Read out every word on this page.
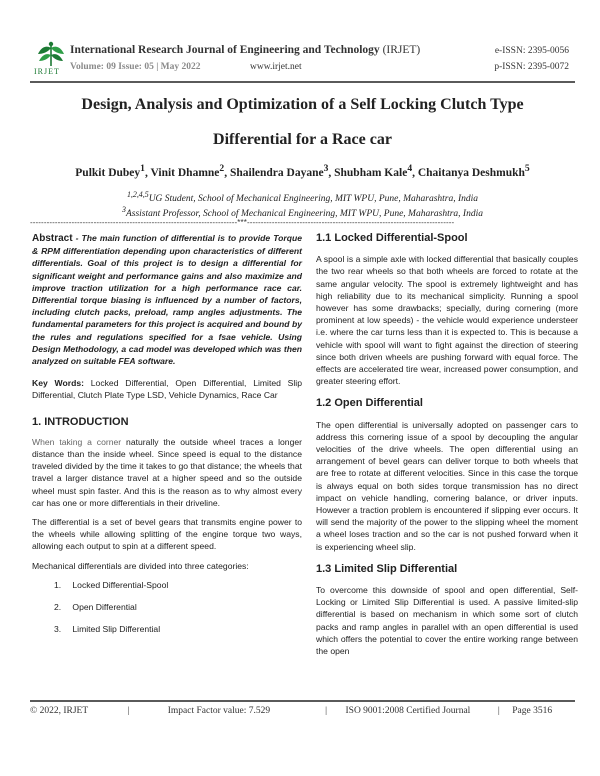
IRJET
International Research Journal of Engineering and Technology (IRJET)
Volume: 09 Issue: 05 | May 2022	www.irjet.net
e-ISSN: 2395-0056
p-ISSN: 2395-0072
Design, Analysis and Optimization of a Self Locking Clutch Type
Differential for a Race car
Pulkit Dubey$^1$, Vinit Dhamne$^2$, Shailendra Dayane$^3$, Shubham Kale$^4$, Chaitanya Deshmukh$^5$
$^{1,2,4,5}$UG Student, School of Mechanical Engineering, MIT WPU, Pune, Maharashtra, India
$^3$Assistant Professor, School of Mechanical Engineering, MIT WPU, Pune, Maharashtra, India
---------------------------------------------------------------------------***---------------------------------------------------------------------------

Abstract - The main function of differential is to provide Torque & RPM differentiation depending upon characteristics of different differentials. Goal of this project is to design a differential for significant weight and performance gains and also maximize and improve traction utilization for a high performance race car. Differential torque biasing is influenced by a number of factors, including clutch packs, preload, ramp angles adjustments. The fundamental parameters for this project is acquired and bound by the rules and regulations specified for a fsae vehicle. Using Design Methodology, a cad model was developed which was then analyzed on suitable FEA software.

Key Words: Locked Differential, Open Differential, Limited Slip Differential, Clutch Plate Type LSD, Vehicle Dynamics, Race Car

1. INTRODUCTION

When taking a corner naturally the outside wheel traces a longer distance than the inside wheel. Since speed is equal to the distance traveled divided by the time it takes to go that distance; the wheels that travel a larger distance travel at a higher speed and so the outside wheel must spin faster. And this is the reason as to why almost every car has one or more differentials in their driveline.

The differential is a set of bevel gears that transmits engine power to the wheels while allowing splitting of the engine torque two ways, allowing each output to spin at a different speed.

Mechanical differentials are divided into three categories:

1. Locked Differential-Spool
2. Open Differential
3. Limited Slip Differential
1.1 Locked Differential-Spool

A spool is a simple axle with locked differential that basically couples the two rear wheels so that both wheels are forced to rotate at the same angular velocity. The spool is extremely lightweight and has high reliability due to its mechanical simplicity. Running a spool however has some drawbacks; specially, during cornering (more prominent at low speeds) - the vehicle would experience understeer i.e. where the car turns less than it is expected to. This is because a vehicle with spool will want to fight against the direction of steering since both driven wheels are pushing forward with equal force. The effects are accelerated tire wear, increased power consumption, and greater steering effort.

1.2 Open Differential

The open differential is universally adopted on passenger cars to address this cornering issue of a spool by decoupling the angular velocities of the drive wheels. The open differential using an arrangement of bevel gears can deliver torque to both wheels that are free to rotate at different velocities. Since in this case the torque is always equal on both sides torque transmission has no direct impact on vehicle handling, cornering balance, or driver inputs. However a traction problem is encountered if slipping ever occurs. It will send the majority of the power to the slipping wheel the moment a wheel loses traction and so the car is not pushed forward when it is experiencing wheel slip.

1.3 Limited Slip Differential

To overcome this downside of spool and open differential, Self-Locking or Limited Slip Differential is used. A passive limited-slip differential is based on mechanism in which some sort of clutch packs and ramp angles in parallel with an open differential is used which offers the potential to cover the entire working range between the open

© 2022, IRJET	|	Impact Factor value: 7.529	| ISO 9001:2008 Certified Journal	| Page 3516
